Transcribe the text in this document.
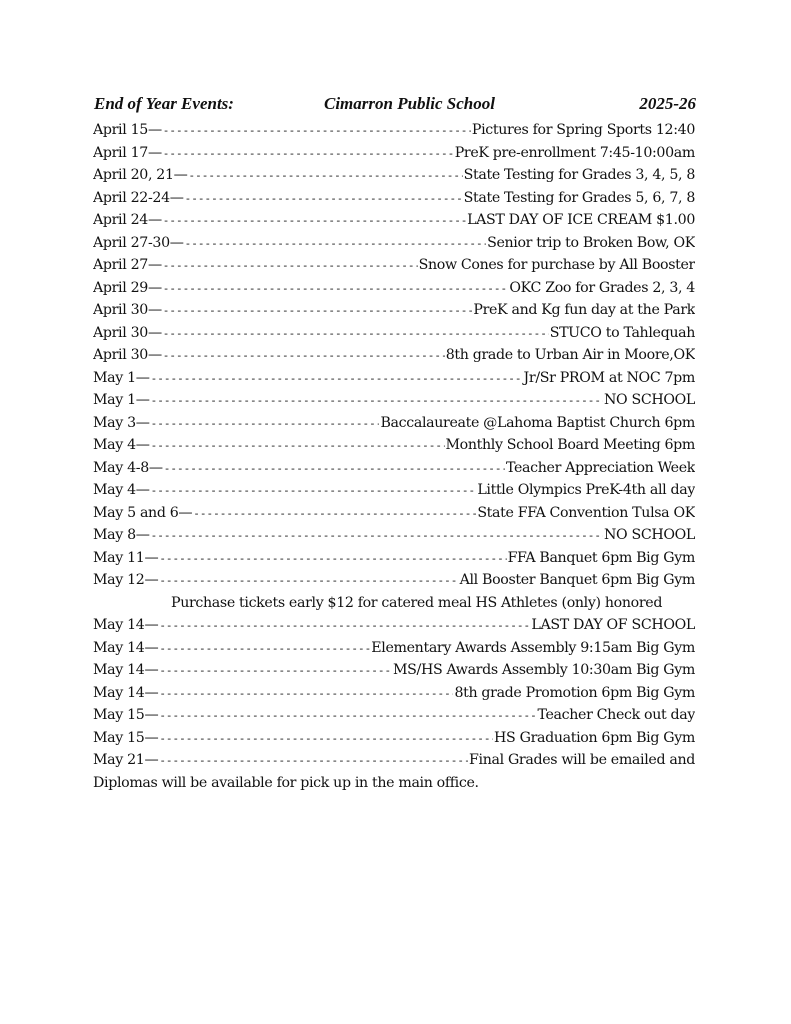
End of Year Events:	Cimarron Public School	2025-26
April 15— -----	Pictures for Spring Sports 12:40
April 17— -----	PreK pre-enrollment 7:45-10:00am
April 20, 21— -----	State Testing for Grades 3, 4, 5, 8
April 22-24— -----	State Testing for Grades 5, 6, 7, 8
April 24— -----	LAST DAY OF ICE CREAM $1.00
April 27-30— -----	Senior trip to Broken Bow, OK
April 27— -----	Snow Cones for purchase by All Booster
April 29— -----	OKC Zoo for Grades 2, 3, 4
April 30— -----	PreK and Kg fun day at the Park
April 30— -----	STUCO to Tahlequah
April 30— -----	8th grade to Urban Air in Moore,OK
May 1— -----	Jr/Sr PROM at NOC 7pm
May 1— -----	NO SCHOOL
May 3— -----	Baccalaureate @Lahoma Baptist Church 6pm
May 4— -----	Monthly School Board Meeting 6pm
May 4-8— -----	Teacher Appreciation Week
May 4— -----	Little Olympics PreK-4th all day
May 5 and 6— -----	State FFA Convention Tulsa OK
May 8— -----	NO SCHOOL
May 11— -----	FFA Banquet 6pm Big Gym
May 12— -----	All Booster Banquet 6pm Big Gym
Purchase tickets early $12 for catered meal HS Athletes (only) honored
May 14— -----	LAST DAY OF SCHOOL
May 14— -----	Elementary Awards Assembly 9:15am Big Gym
May 14— -----	MS/HS Awards Assembly 10:30am Big Gym
May 14— -----	8th grade Promotion 6pm Big Gym
May 15— -----	Teacher Check out day
May 15— -----	HS Graduation 6pm Big Gym
May 21— -----	Final Grades will be emailed and
Diplomas will be available for pick up in the main office.
